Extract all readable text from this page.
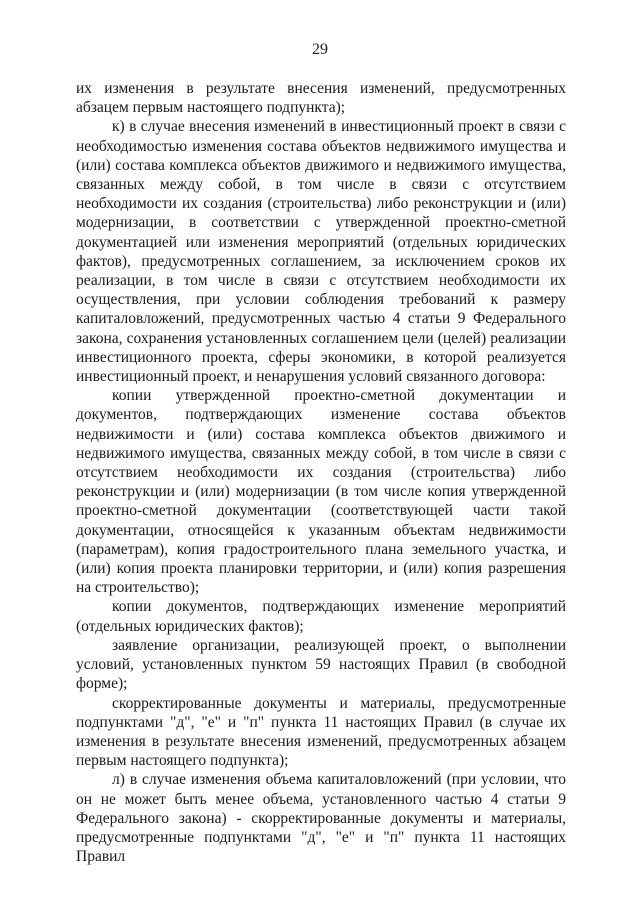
29

их изменения в результате внесения изменений, предусмотренных абзацем первым настоящего подпункта);

к) в случае внесения изменений в инвестиционный проект в связи с необходимостью изменения состава объектов недвижимого имущества и (или) состава комплекса объектов движимого и недвижимого имущества, связанных между собой, в том числе в связи с отсутствием необходимости их создания (строительства) либо реконструкции и (или) модернизации, в соответствии с утвержденной проектно-сметной документацией или изменения мероприятий (отдельных юридических фактов), предусмотренных соглашением, за исключением сроков их реализации, в том числе в связи с отсутствием необходимости их осуществления, при условии соблюдения требований к размеру капиталовложений, предусмотренных частью 4 статьи 9 Федерального закона, сохранения установленных соглашением цели (целей) реализации инвестиционного проекта, сферы экономики, в которой реализуется инвестиционный проект, и ненарушения условий связанного договора:

копии утвержденной проектно-сметной документации и документов, подтверждающих изменение состава объектов недвижимости и (или) состава комплекса объектов движимого и недвижимого имущества, связанных между собой, в том числе в связи с отсутствием необходимости их создания (строительства) либо реконструкции и (или) модернизации (в том числе копия утвержденной проектно-сметной документации (соответствующей части такой документации, относящейся к указанным объектам недвижимости (параметрам), копия градостроительного плана земельного участка, и (или) копия проекта планировки территории, и (или) копия разрешения на строительство);

копии документов, подтверждающих изменение мероприятий (отдельных юридических фактов);

заявление организации, реализующей проект, о выполнении условий, установленных пунктом 59 настоящих Правил (в свободной форме);

скорректированные документы и материалы, предусмотренные подпунктами "д", "е" и "п" пункта 11 настоящих Правил (в случае их изменения в результате внесения изменений, предусмотренных абзацем первым настоящего подпункта);

л) в случае изменения объема капиталовложений (при условии, что он не может быть менее объема, установленного частью 4 статьи 9 Федерального закона) - скорректированные документы и материалы, предусмотренные подпунктами "д", "е" и "п" пункта 11 настоящих Правил
